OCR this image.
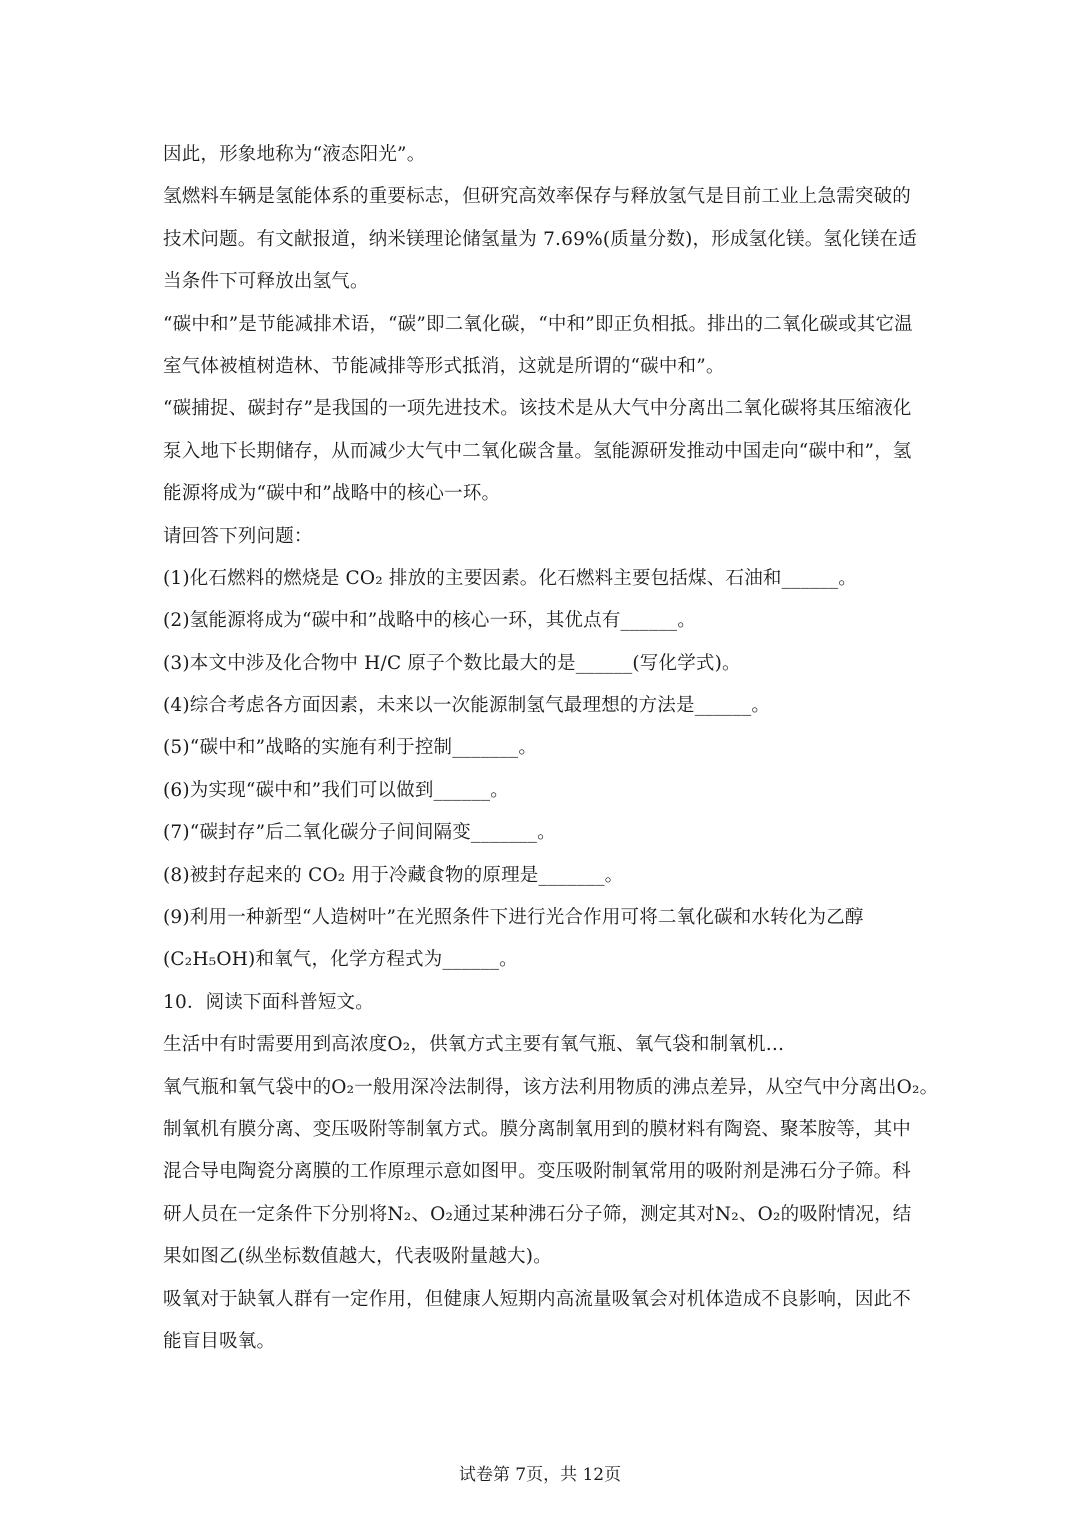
因此，形象地称为“液态阳光”。
氢燃料车辆是氢能体系的重要标志，但研究高效率保存与释放氢气是目前工业上急需突破的
技术问题。有文献报道，纳米镁理论储氢量为 7.69%(质量分数)，形成氢化镁。氢化镁在适
当条件下可释放出氢气。
“碳中和”是节能减排术语，“碳”即二氧化碳，“中和”即正负相抵。排出的二氧化碳或其它温
室气体被植树造林、节能减排等形式抵消，这就是所谓的“碳中和”。
“碳捕捉、碳封存”是我国的一项先进技术。该技术是从大气中分离出二氧化碳将其压缩液化
泵入地下长期储存，从而减少大气中二氧化碳含量。氢能源研发推动中国走向“碳中和”，氢
能源将成为“碳中和”战略中的核心一环。
请回答下列问题：
(1)化石燃料的燃烧是 CO₂ 排放的主要因素。化石燃料主要包括煤、石油和______。
(2)氢能源将成为“碳中和”战略中的核心一环，其优点有______。
(3)本文中涉及化合物中 H/C 原子个数比最大的是______(写化学式)。
(4)综合考虑各方面因素，未来以一次能源制氢气最理想的方法是______。
(5)“碳中和”战略的实施有利于控制_______。
(6)为实现“碳中和”我们可以做到______。
(7)“碳封存”后二氧化碳分子间间隔变_______。
(8)被封存起来的 CO₂ 用于冷藏食物的原理是_______。
(9)利用一种新型“人造树叶”在光照条件下进行光合作用可将二氧化碳和水转化为乙醇
(C₂H₅OH)和氧气，化学方程式为______。
10．阅读下面科普短文。
生活中有时需要用到高浓度O₂，供氧方式主要有氧气瓶、氧气袋和制氧机…
氧气瓶和氧气袋中的O₂一般用深冷法制得，该方法利用物质的沸点差异，从空气中分离出O₂。
制氧机有膜分离、变压吸附等制氧方式。膜分离制氧用到的膜材料有陶瓷、聚苯胺等，其中
混合导电陶瓷分离膜的工作原理示意如图甲。变压吸附制氧常用的吸附剂是沸石分子筛。科
研人员在一定条件下分别将N₂、O₂通过某种沸石分子筛，测定其对N₂、O₂的吸附情况，结
果如图乙(纵坐标数值越大，代表吸附量越大)。
吸氧对于缺氧人群有一定作用，但健康人短期内高流量吸氧会对机体造成不良影响，因此不
能盲目吸氧。
试卷第 7页，共 12页
